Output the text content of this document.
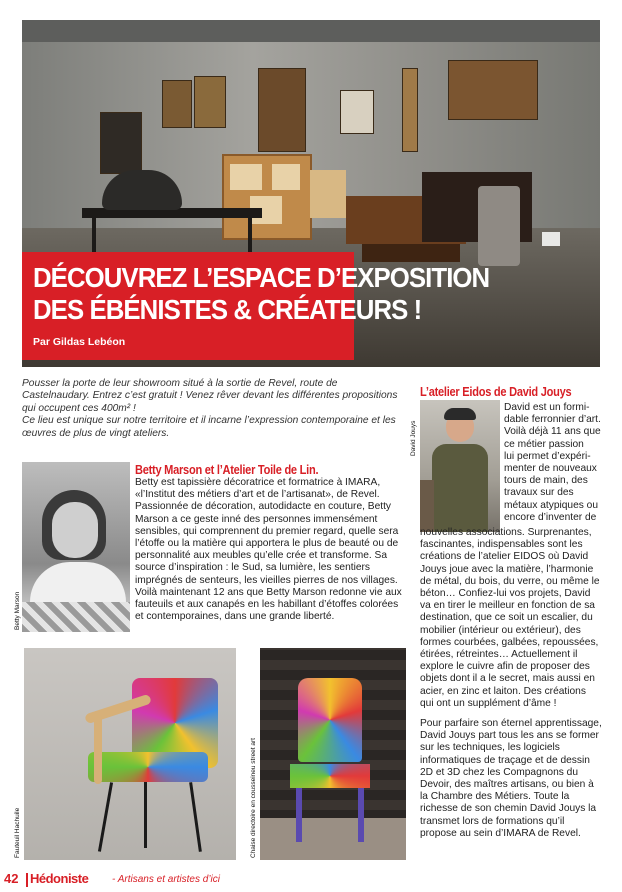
DÉCOUVREZ L’ESPACE D’EXPOSITION
DES ÉBÉNISTES & CRÉATEURS !
Par Gildas Lebéon

Pousser la porte de leur showroom situé à la sortie de Revel, route de Castelnaudary. Entrez c’est gratuit ! Venez rêver devant les différentes propositions qui occupent ces 400m² !

Ce lieu est unique sur notre territoire et il incarne l’expression contemporaine et les œuvres de plus de vingt ateliers.

Betty Marson
Betty Marson et l’Atelier Toile de Lin.
Betty est tapissière décoratrice et formatrice à IMARA, «l’Institut des métiers d’art et de l’artisanat», de Revel. Passionnée de décoration, autodidacte en couture, Betty Marson a ce geste inné des personnes immensément sensibles, qui comprennent du premier regard, quelle sera l’étoffe ou la matière qui apportera le plus de beauté ou de personnalité aux meubles qu’elle crée et transforme. Sa source d’inspiration : le Sud, sa lumière, les sentiers imprégnés de senteurs, les vieilles pierres de nos villages. Voilà maintenant 12 ans que Betty Marson redonne vie aux fauteuils et aux canapés en les habillant d’étoffes colorées et contemporaines, dans une grande liberté.
Fauteuil Hachuile	Chaise directoire en cousseineu street art
L’atelier Eidos de David Jouys
David Jouys
David est un formi-
dable ferronnier d’art.
Voilà déjà 11 ans que
ce métier passion
lui permet d’expéri-
menter de nouveaux
tours de main, des
travaux sur des
métaux atypiques ou
encore d’inventer de

nouvelles associations. Surprenantes, fascinantes, indispensables sont les créations de l’atelier EIDOS où David Jouys joue avec la matière, l’harmonie de métal, du bois, du verre, ou même le béton… Confiez-lui vos projets, David va en tirer le meilleur en fonction de sa destination, que ce soit un escalier, du mobilier (intérieur ou extérieur), des formes courbées, galbées, repoussées, étirées, rétreintes… Actuellement il explore le cuivre afin de proposer des objets dont il a le secret, mais aussi en acier, en zinc et laiton. Des créations qui ont un supplément d’âme !

Pour parfaire son éternel apprentissage, David Jouys part tous les ans se former sur les techniques, les logiciels informatiques de traçage et de dessin 2D et 3D chez les Compagnons du Devoir, des maîtres artisans, ou bien à la Chambre des Métiers. Toute la richesse de son chemin David Jouys la transmet lors de formations qu’il propose au sein d’IMARA de Revel.

42 Hédoniste - Artisans et artistes d’ici
